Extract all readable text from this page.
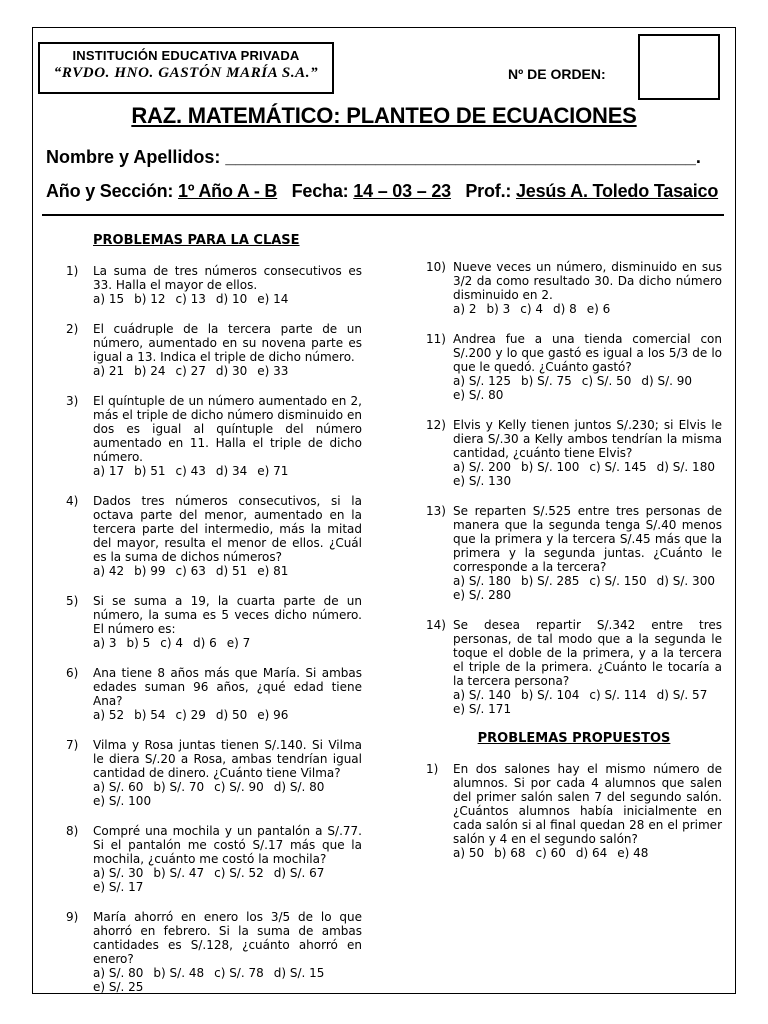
INSTITUCIÓN EDUCATIVA PRIVADA
“RVDO. HNO. GASTÓN MARÍA S.A.”	Nº DE ORDEN:
RAZ. MATEMÁTICO: PLANTEO DE ECUACIONES
Nombre y Apellidos: _______________________________________________.
Año y Sección: 1º Año A - B Fecha: 14 – 03 – 23 Prof.: Jesús A. Toledo Tasaico
PROBLEMAS PARA LA CLASE
1)	La suma de tres números consecutivos es 33. Halla el mayor de ellos.
a) 15 b) 12 c) 13 d) 10 e) 14
2)	El cuádruple de la tercera parte de un número, aumentado en su novena parte es igual a 13. Indica el triple de dicho número.
a) 21 b) 24 c) 27 d) 30 e) 33
3)	El quíntuple de un número aumentado en 2, más el triple de dicho número disminuido en dos es igual al quíntuple del número aumentado en 11. Halla el triple de dicho número.
a) 17 b) 51 c) 43 d) 34 e) 71
4)	Dados tres números consecutivos, si la octava parte del menor, aumentado en la tercera parte del intermedio, más la mitad del mayor, resulta el menor de ellos. ¿Cuál es la suma de dichos números?
a) 42 b) 99 c) 63 d) 51 e) 81
5)	Si se suma a 19, la cuarta parte de un número, la suma es 5 veces dicho número. El número es:
a) 3 b) 5 c) 4 d) 6 e) 7
6)	Ana tiene 8 años más que María. Si ambas edades suman 96 años, ¿qué edad tiene Ana?
a) 52 b) 54 c) 29 d) 50 e) 96
7)	Vilma y Rosa juntas tienen S/.140. Si Vilma le diera S/.20 a Rosa, ambas tendrían igual cantidad de dinero. ¿Cuánto tiene Vilma?
a) S/. 60 b) S/. 70 c) S/. 90 d) S/. 80
e) S/. 100
8)	Compré una mochila y un pantalón a S/.77. Si el pantalón me costó S/.17 más que la mochila, ¿cuánto me costó la mochila?
a) S/. 30 b) S/. 47 c) S/. 52 d) S/. 67
e) S/. 17
9)	María ahorró en enero los 3/5 de lo que ahorró en febrero. Si la suma de ambas cantidades es S/.128, ¿cuánto ahorró en enero?
a) S/. 80 b) S/. 48 c) S/. 78 d) S/. 15
e) S/. 25
10) Nueve veces un número, disminuido en sus 3/2 da como resultado 30. Da dicho número disminuido en 2.
a) 2 b) 3 c) 4 d) 8 e) 6
11) Andrea fue a una tienda comercial con S/.200 y lo que gastó es igual a los 5/3 de lo que le quedó. ¿Cuánto gastó?
a) S/. 125 b) S/. 75 c) S/. 50 d) S/. 90
e) S/. 80
12) Elvis y Kelly tienen juntos S/.230; si Elvis le diera S/.30 a Kelly ambos tendrían la misma cantidad, ¿cuánto tiene Elvis?
a) S/. 200 b) S/. 100 c) S/. 145 d) S/. 180
e) S/. 130
13) Se reparten S/.525 entre tres personas de manera que la segunda tenga S/.40 menos que la primera y la tercera S/.45 más que la primera y la segunda juntas. ¿Cuánto le corresponde a la tercera?
a) S/. 180 b) S/. 285 c) S/. 150 d) S/. 300
e) S/. 280
14) Se desea repartir S/.342 entre tres personas, de tal modo que a la segunda le toque el doble de la primera, y a la tercera el triple de la primera. ¿Cuánto le tocaría a la tercera persona?
a) S/. 140 b) S/. 104 c) S/. 114 d) S/. 57
e) S/. 171
PROBLEMAS PROPUESTOS
1)	En dos salones hay el mismo número de alumnos. Si por cada 4 alumnos que salen del primer salón salen 7 del segundo salón. ¿Cuántos alumnos había inicialmente en cada salón si al final quedan 28 en el primer salón y 4 en el segundo salón?
a) 50 b) 68 c) 60 d) 64 e) 48
